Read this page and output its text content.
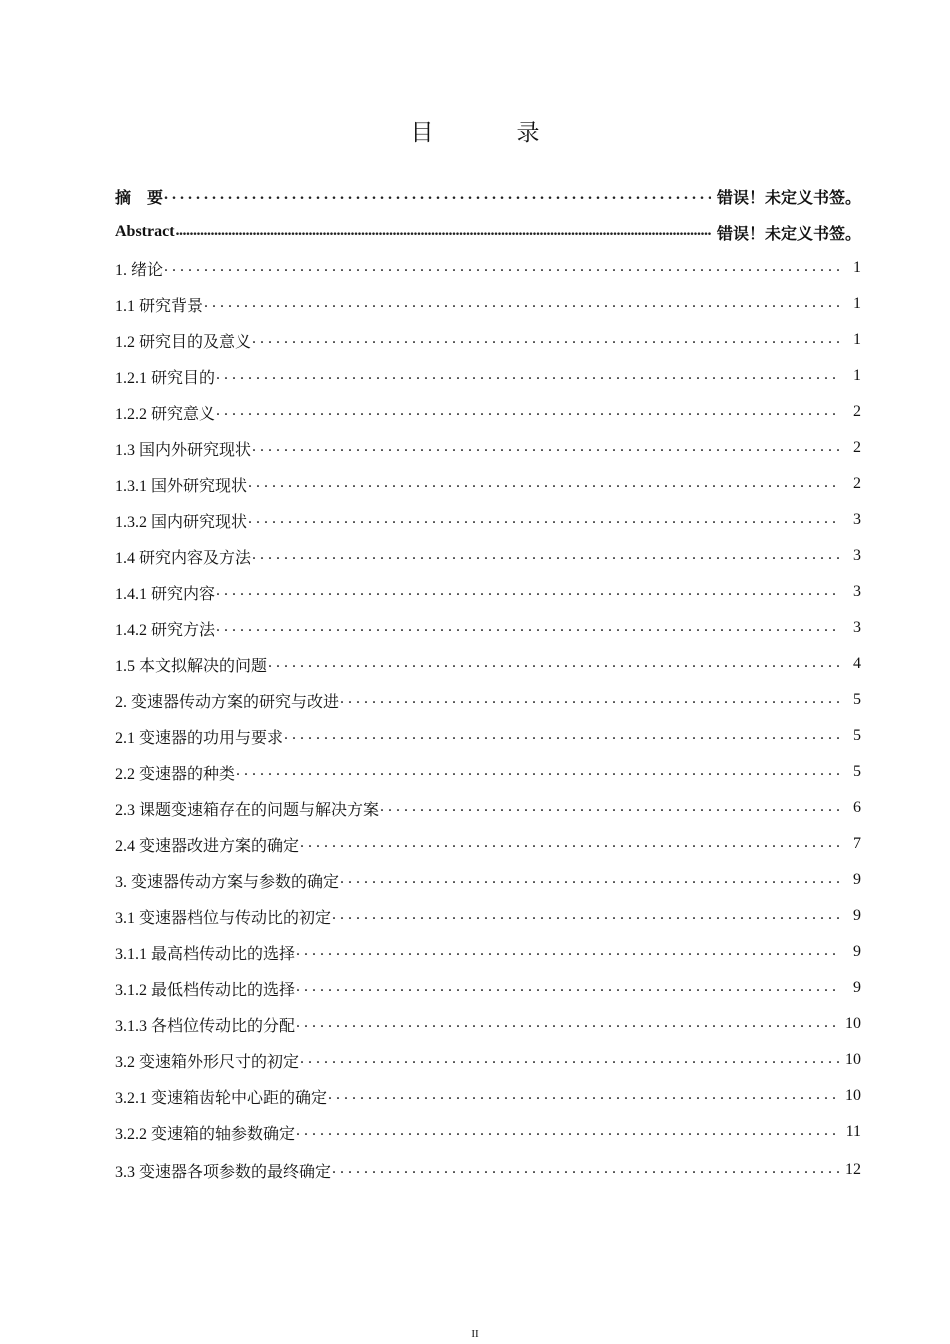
目　录
摘　要 . . .	错误！未定义书签。
Abstract .....	错误！未定义书签。
1. 绪论 . . .	1
1.1 研究背景 . . .	1
1.2 研究目的及意义 . . .	1
1.2.1 研究目的 . . .	1
1.2.2 研究意义 . . .	2
1.3 国内外研究现状 . . .	2
1.3.1 国外研究现状 . . .	2
1.3.2 国内研究现状 . . .	3
1.4 研究内容及方法 . . .	3
1.4.1 研究内容 . . .	3
1.4.2 研究方法 . . .	3
1.5 本文拟解决的问题 . . .	4
2. 变速器传动方案的研究与改进 . . .	5
2.1 变速器的功用与要求 . . .	5
2.2 变速器的种类 . . .	5
2.3 课题变速箱存在的问题与解决方案 . . .	6
2.4 变速器改进方案的确定 . . .	7
3. 变速器传动方案与参数的确定 . . .	9
3.1 变速器档位与传动比的初定 . . .	9
3.1.1 最高档传动比的选择 . . .	9
3.1.2 最低档传动比的选择 . . .	9
3.1.3 各档位传动比的分配 . . .	10
3.2 变速箱外形尺寸的初定 . . .	10
3.2.1 变速箱齿轮中心距的确定 . . .	10
3.2.2 变速箱的轴参数确定 . . .	11
3.3 变速器各项参数的最终确定 . . .	12
II
